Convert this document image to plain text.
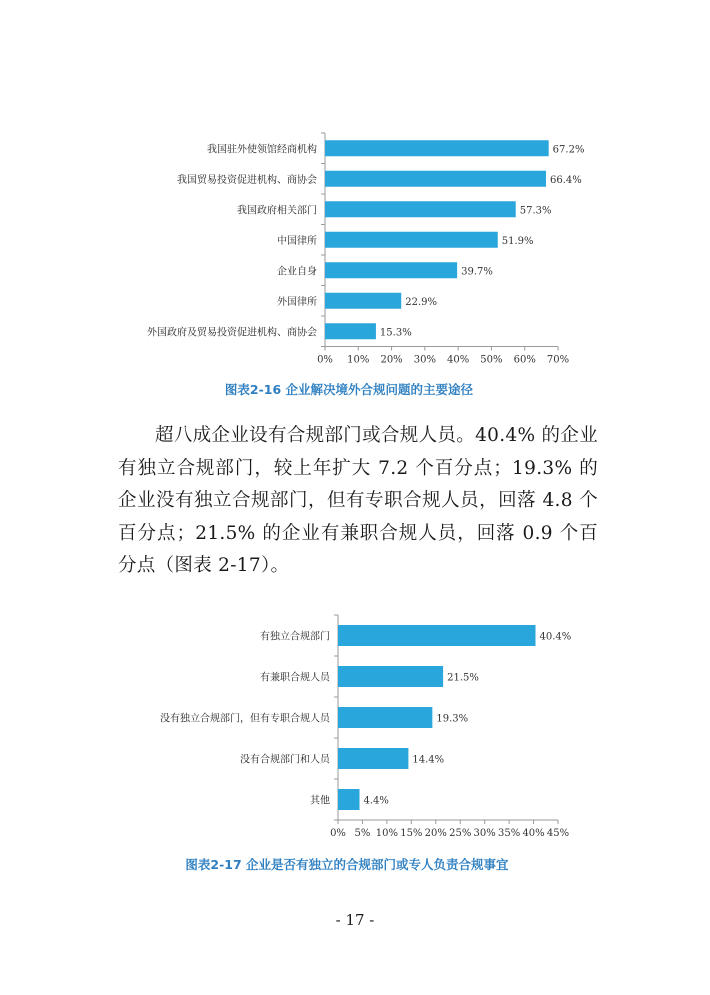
我国驻外使领馆经商机构	67.2%
我国贸易投资促进机构、商协会	66.4%
我国政府相关部门	57.3%
中国律所	51.9%
企业自身	39.7%
外国律所	22.9%
外国政府及贸易投资促进机构、商协会	15.3%
0% 10% 20% 30% 40% 50% 60% 70%
图表2-16 企业解决境外合规问题的主要途径

超八成企业设有合规部门或合规人员。40.4% 的企业有独立合规部门，较上年扩大 7.2 个百分点；19.3% 的企业没有独立合规部门，但有专职合规人员，回落 4.8 个百分点；21.5% 的企业有兼职合规人员，回落 0.9 个百分点（图表 2-17）。

有独立合规部门	40.4%
有兼职合规人员	21.5%
没有独立合规部门，但有专职合规人员	19.3%
没有合规部门和人员	14.4%
其他	4.4%
0% 5% 10% 15% 20% 25% 30% 35% 40% 45%
图表2-17 企业是否有独立的合规部门或专人负责合规事宜
- 17 -
